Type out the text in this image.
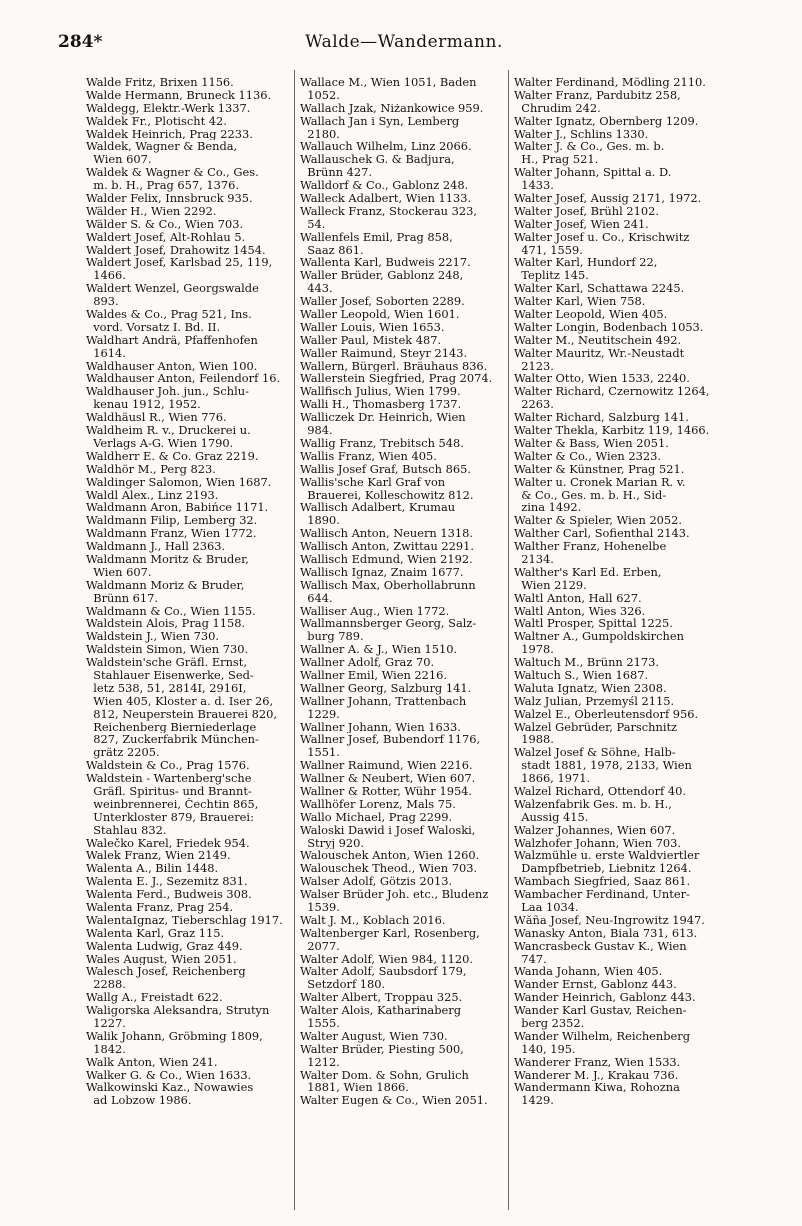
284*	Walde—Wandermann.
Walde Fritz, Brixen 1156.
Walde Hermann, Bruneck 1136.
Waldegg, Elektr.-Werk 1337.
Waldek Fr., Plotischt 42.
Waldek Heinrich, Prag 2233.
Waldek, Wagner & Benda,
Wien 607.
Waldek & Wagner & Co., Ges.
m. b. H., Prag 657, 1376.
Walder Felix, Innsbruck 935.
Wälder H., Wien 2292.
Wälder S. & Co., Wien 703.
Waldert Josef, Alt-Rohlau 5.
Waldert Josef, Drahowitz 1454.
Waldert Josef, Karlsbad 25, 119,
1466.
Waldert Wenzel, Georgswalde
893.
Waldes & Co., Prag 521, Ins.
vord. Vorsatz I. Bd. II.
Waldhart Andrä, Pfaffenhofen
1614.
Waldhauser Anton, Wien 100.
Waldhauser Anton, Feilendorf 16.
Waldhauser Joh. jun., Schlu-
kenau 1912, 1952.
Waldhäusl R., Wien 776.
Waldheim R. v., Druckerei u.
Verlags A-G. Wien 1790.
Waldherr E. & Co. Graz 2219.
Waldhör M., Perg 823.
Waldinger Salomon, Wien 1687.
Waldl Alex., Linz 2193.
Waldmann Aron, Babińce 1171.
Waldmann Filip, Lemberg 32.
Waldmann Franz, Wien 1772.
Waldmann J., Hall 2363.
Waldmann Moritz & Bruder,
Wien 607.
Waldmann Moriz & Bruder,
Brünn 617.
Waldmann & Co., Wien 1155.
Waldstein Alois, Prag 1158.
Waldstein J., Wien 730.
Waldstein Simon, Wien 730.
Waldstein'sche Gräfl. Ernst,
Stahlauer Eisenwerke, Sed-
letz 538, 51, 2814I, 2916I,
Wien 405, Kloster a. d. Iser 26,
812, Neuperstein Brauerei 820,
Reichenberg Bierniederlage
827, Zuckerfabrik München-
grätz 2205.
Waldstein & Co., Prag 1576.
Waldstein - Wartenberg'sche
Gräfl. Spiritus- und Brannt-
weinbrennerei, Čechtin 865,
Unterkloster 879, Brauerei:
Stahlau 832.
Walečko Karel, Friedek 954.
Walek Franz, Wien 2149.
Walenta A., Bilin 1448.
Walenta E. J., Sezemitz 831.
Walenta Ferd., Budweis 308.
Walenta Franz, Prag 254.
WalentaIgnaz, Tieberschlag 1917.
Walenta Karl, Graz 115.
Walenta Ludwig, Graz 449.
Wales August, Wien 2051.
Walesch Josef, Reichenberg
2288.
Wallg A., Freistadt 622.
Waligorska Aleksandra, Strutyn
1227.
Walik Johann, Gröbming 1809,
1842.
Walk Anton, Wien 241.
Walker G. & Co., Wien 1633.
Walkowinski Kaz., Nowawies
ad Lobzow 1986.
Wallace M., Wien 1051, Baden
1052.
Wallach Jzak, Niżankowice 959.
Wallach Jan i Syn, Lemberg
2180.
Wallauch Wilhelm, Linz 2066.
Wallauschek G. & Badjura,
Brünn 427.
Walldorf & Co., Gablonz 248.
Walleck Adalbert, Wien 1133.
Walleck Franz, Stockerau 323,
54.
Wallenfels Emil, Prag 858,
Saaz 861.
Wallenta Karl, Budweis 2217.
Waller Brüder, Gablonz 248,
443.
Waller Josef, Soborten 2289.
Waller Leopold, Wien 1601.
Waller Louis, Wien 1653.
Waller Paul, Mistek 487.
Waller Raimund, Steyr 2143.
Wallern, Bürgerl. Bräuhaus 836.
Wallerstein Siegfried, Prag 2074.
Wallfisch Julius, Wien 1799.
Walli H., Thomasberg 1737.
Walliczek Dr. Heinrich, Wien
984.
Wallig Franz, Trebitsch 548.
Wallis Franz, Wien 405.
Wallis Josef Graf, Butsch 865.
Wallis'sche Karl Graf von
Brauerei, Kolleschowitz 812.
Wallisch Adalbert, Krumau
1890.
Wallisch Anton, Neuern 1318.
Wallisch Anton, Zwittau 2291.
Wallisch Edmund, Wien 2192.
Wallisch Ignaz, Znaim 1677.
Wallisch Max, Oberhollabrunn
644.
Walliser Aug., Wien 1772.
Wallmannsberger Georg, Salz-
burg 789.
Wallner A. & J., Wien 1510.
Wallner Adolf, Graz 70.
Wallner Emil, Wien 2216.
Wallner Georg, Salzburg 141.
Wallner Johann, Trattenbach
1229.
Wallner Johann, Wien 1633.
Wallner Josef, Bubendorf 1176,
1551.
Wallner Raimund, Wien 2216.
Wallner & Neubert, Wien 607.
Wallner & Rotter, Wühr 1954.
Wallhöfer Lorenz, Mals 75.
Wallo Michael, Prag 2299.
Waloski Dawid i Josef Waloski,
Stryj 920.
Walouschek Anton, Wien 1260.
Walouschek Theod., Wien 703.
Walser Adolf, Götzis 2013.
Walser Brüder Joh. etc., Bludenz
1539.
Walt J. M., Koblach 2016.
Waltenberger Karl, Rosenberg,
2077.
Walter Adolf, Wien 984, 1120.
Walter Adolf, Saubsdorf 179,
Setzdorf 180.
Walter Albert, Troppau 325.
Walter Alois, Katharinaberg
1555.
Walter August, Wien 730.
Walter Brüder, Piesting 500,
1212.
Walter Dom. & Sohn, Grulich
1881, Wien 1866.
Walter Eugen & Co., Wien 2051.
Walter Ferdinand, Mödling 2110.
Walter Franz, Pardubitz 258,
Chrudim 242.
Walter Ignatz, Obernberg 1209.
Walter J., Schlins 1330.
Walter J. & Co., Ges. m. b.
H., Prag 521.
Walter Johann, Spittal a. D.
1433.
Walter Josef, Aussig 2171, 1972.
Walter Josef, Brühl 2102.
Walter Josef, Wien 241.
Walter Josef u. Co., Krischwitz
471, 1559.
Walter Karl, Hundorf 22,
Teplitz 145.
Walter Karl, Schattawa 2245.
Walter Karl, Wien 758.
Walter Leopold, Wien 405.
Walter Longin, Bodenbach 1053.
Walter M., Neutitschein 492.
Walter Mauritz, Wr.-Neustadt
2123.
Walter Otto, Wien 1533, 2240.
Walter Richard, Czernowitz 1264,
2263.
Walter Richard, Salzburg 141.
Walter Thekla, Karbitz 119, 1466.
Walter & Bass, Wien 2051.
Walter & Co., Wien 2323.
Walter & Künstner, Prag 521.
Walter u. Cronek Marian R. v.
& Co., Ges. m. b. H., Sid-
zina 1492.
Walter & Spieler, Wien 2052.
Walther Carl, Sofienthal 2143.
Walther Franz, Hohenelbe
2134.
Walther's Karl Ed. Erben,
Wien 2129.
Waltl Anton, Hall 627.
Waltl Anton, Wies 326.
Waltl Prosper, Spittal 1225.
Waltner A., Gumpoldskirchen
1978.
Waltuch M., Brünn 2173.
Waltuch S., Wien 1687.
Waluta Ignatz, Wien 2308.
Walz Julian, Przemyśl 2115.
Walzel E., Oberleutensdorf 956.
Walzel Gebrüder, Parschnitz
1988.
Walzel Josef & Söhne, Halb-
stadt 1881, 1978, 2133, Wien
1866, 1971.
Walzel Richard, Ottendorf 40.
Walzenfabrik Ges. m. b. H.,
Aussig 415.
Walzer Johannes, Wien 607.
Walzhofer Johann, Wien 703.
Walzmühle u. erste Waldviertler
Dampfbetrieb, Liebnitz 1264.
Wambach Siegfried, Saaz 861.
Wambacher Ferdinand, Unter-
Laa 1034.
Wăña Josef, Neu-Ingrowitz 1947.
Wanasky Anton, Biala 731, 613.
Wancrasbeck Gustav K., Wien
747.
Wanda Johann, Wien 405.
Wander Ernst, Gablonz 443.
Wander Heinrich, Gablonz 443.
Wander Karl Gustav, Reichen-
berg 2352.
Wander Wilhelm, Reichenberg
140, 195.
Wanderer Franz, Wien 1533.
Wanderer M. J., Krakau 736.
Wandermann Kiwa, Rohozna
1429.
